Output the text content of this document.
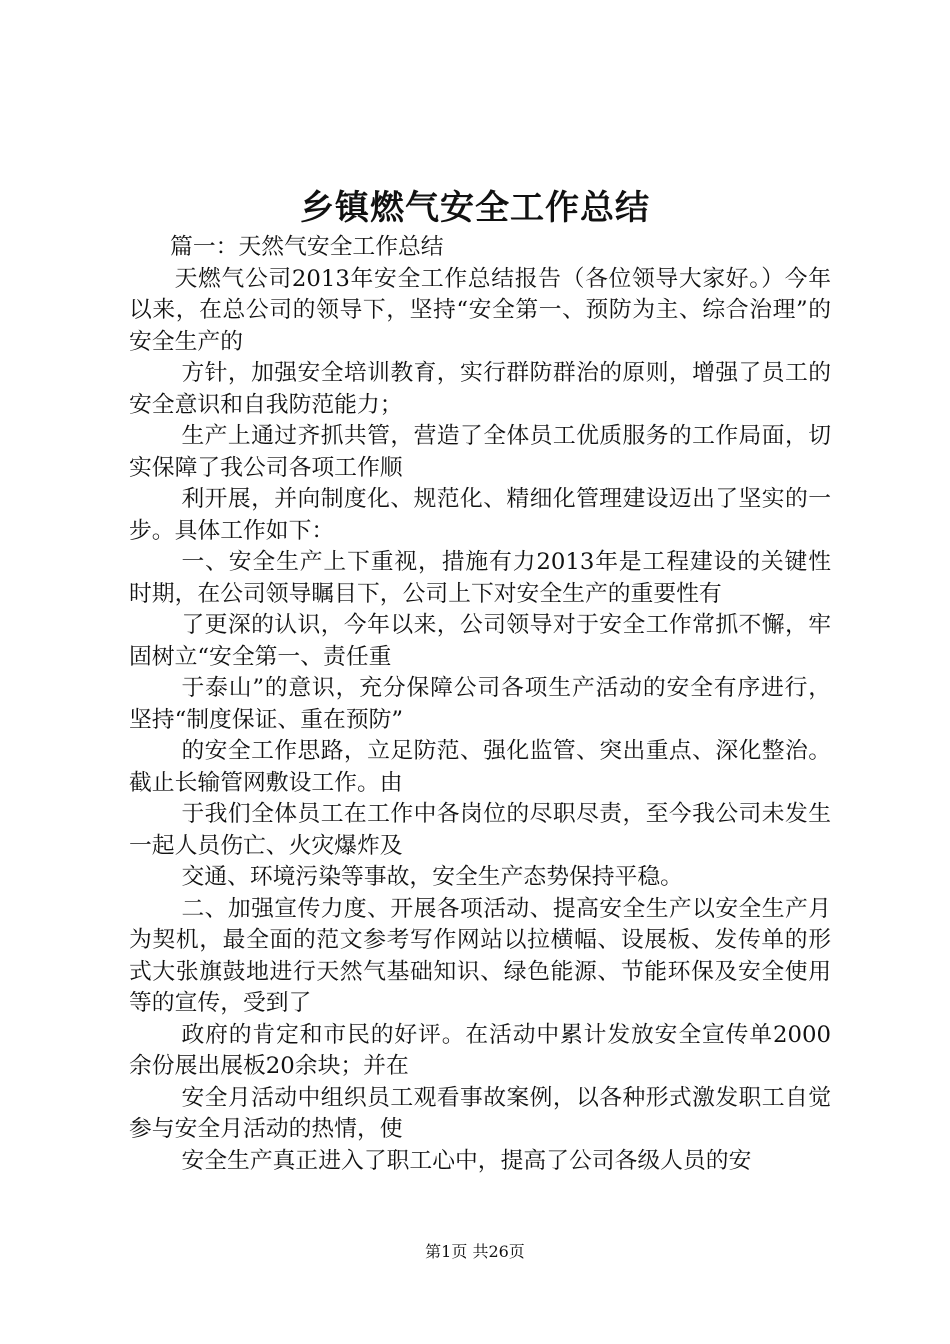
乡镇燃气安全工作总结

篇一：天然气安全工作总结

天燃气公司2013年安全工作总结报告（各位领导大家好。）今年以来，在总公司的领导下，坚持“安全第一、预防为主、综合治理”的安全生产的

方针，加强安全培训教育，实行群防群治的原则，增强了员工的安全意识和自我防范能力；

生产上通过齐抓共管，营造了全体员工优质服务的工作局面，切实保障了我公司各项工作顺

利开展，并向制度化、规范化、精细化管理建设迈出了坚实的一步。具体工作如下：

一、安全生产上下重视，措施有力2013年是工程建设的关键性时期，在公司领导瞩目下，公司上下对安全生产的重要性有

了更深的认识，今年以来，公司领导对于安全工作常抓不懈，牢固树立“安全第一、责任重

于泰山”的意识，充分保障公司各项生产活动的安全有序进行，坚持“制度保证、重在预防”

的安全工作思路，立足防范、强化监管、突出重点、深化整治。截止长输管网敷设工作。由

于我们全体员工在工作中各岗位的尽职尽责，至今我公司未发生一起人员伤亡、火灾爆炸及

交通、环境污染等事故，安全生产态势保持平稳。

二、加强宣传力度、开展各项活动、提高安全生产以安全生产月为契机，最全面的范文参考写作网站以拉横幅、设展板、发传单的形式大张旗鼓地进行天然气基础知识、绿色能源、节能环保及安全使用等的宣传，受到了

政府的肯定和市民的好评。在活动中累计发放安全宣传单2000余份展出展板20余块；并在

安全月活动中组织员工观看事故案例，以各种形式激发职工自觉参与安全月活动的热情，使

安全生产真正进入了职工心中，提高了公司各级人员的安

第1页 共26页
